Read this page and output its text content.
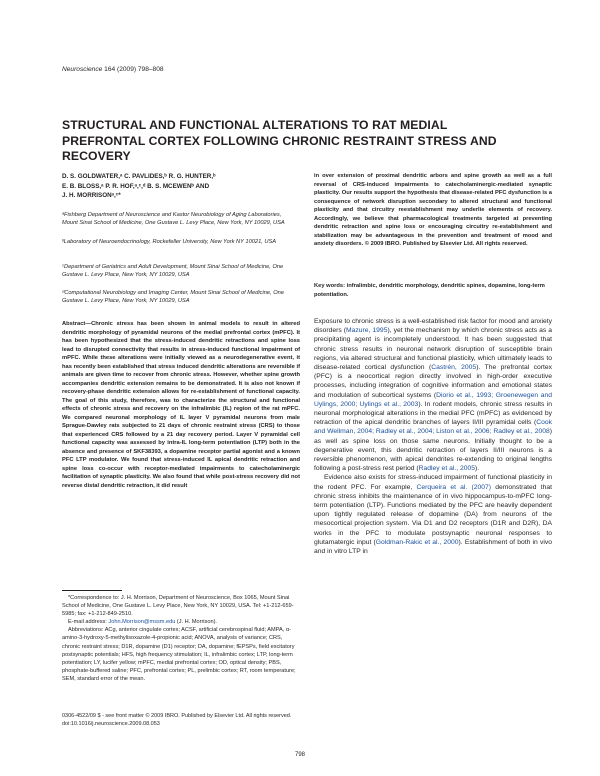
Neuroscience 164 (2009) 798–808
STRUCTURAL AND FUNCTIONAL ALTERATIONS TO RAT MEDIAL PREFRONTAL CORTEX FOLLOWING CHRONIC RESTRAINT STRESS AND RECOVERY
D. S. GOLDWATER,ᵃ C. PAVLIDES,ᵇ R. G. HUNTER,ᵇ
E. B. BLOSS,ᵃ P. R. HOF,ᵃ,ᶜ,ᵈ B. S. MCEWENᵇ AND
J. H. MORRISONᵃ,ᶜ*
ᵃFishberg Department of Neuroscience and Kastor Neurobiology of Aging Laboratories, Mount Sinai School of Medicine, One Gustave L. Levy Place, New York, NY 10029, USA
ᵇLaboratory of Neuroendocrinology, Rockefeller University, New York NY 10021, USA
ᶜDepartment of Geriatrics and Adult Development, Mount Sinai School of Medicine, One Gustave L. Levy Place, New York, NY 10029, USA
ᵈComputational Neurobiology and Imaging Center, Mount Sinai School of Medicine, One Gustave L. Levy Place, New York, NY 10029, USA
Abstract—Chronic stress has been shown in animal models to result in altered dendritic morphology of pyramidal neurons of the medial prefrontal cortex (mPFC). It has been hypothesized that the stress-induced dendritic retractions and spine loss lead to disrupted connectivity that results in stress-induced functional impairment of mPFC. While these alterations were initially viewed as a neurodegenerative event, it has recently been established that stress induced dendritic alterations are reversible if animals are given time to recover from chronic stress. However, whether spine growth accompanies dendritic extension remains to be demonstrated. It is also not known if recovery-phase dendritic extension allows for re-establishment of functional capacity. The goal of this study, therefore, was to characterize the structural and functional effects of chronic stress and recovery on the infralimbic (IL) region of the rat mPFC. We compared neuronal morphology of IL layer V pyramidal neurons from male Sprague-Dawley rats subjected to 21 days of chronic restraint stress (CRS) to those that experienced CRS followed by a 21 day recovery period. Layer V pyramidal cell functional capacity was assessed by intra-IL long-term potentiation (LTP) both in the absence and presence of SKF38393, a dopamine receptor partial agonist and a known PFC LTP modulator. We found that stress-induced IL apical dendritic retraction and spine loss co-occur with receptor-mediated impairments to catecholaminergic facilitation of synaptic plasticity. We also found that while post-stress recovery did not reverse distal dendritic retraction, it did result
in over extension of proximal dendritic arbors and spine growth as well as a full reversal of CRS-induced impairments to catecholaminergic-mediated synaptic plasticity. Our results support the hypothesis that disease-related PFC dysfunction is a consequence of network disruption secondary to altered structural and functional plasticity and that circuitry reestablishment may underlie elements of recovery. Accordingly, we believe that pharmacological treatments targeted at preventing dendritic retraction and spine loss or encouraging circuitry re-establishment and stabilization may be advantageous in the prevention and treatment of mood and anxiety disorders. © 2009 IBRO. Published by Elsevier Ltd. All rights reserved.
Key words: infralimbic, dendritic morphology, dendritic spines, dopamine, long-term potentiation.

Exposure to chronic stress is a well-established risk factor for mood and anxiety disorders (Mazure, 1995), yet the mechanism by which chronic stress acts as a precipitating agent is incompletely understood. It has been suggested that chronic stress results in neuronal network disruption of susceptible brain regions, via altered structural and functional plasticity, which ultimately leads to disease-related cortical dysfunction (Castrén, 2005). The prefrontal cortex (PFC) is a neocortical region directly involved in high-order executive processes, including integration of cognitive information and emotional states and modulation of subcortical systems (Diorio et al., 1993; Groenewegen and Uylings, 2000; Uylings et al., 2003). In rodent models, chronic stress results in neuronal morphological alterations in the medial PFC (mPFC) as evidenced by retraction of the apical dendritic branches of layers II/III pyramidal cells (Cook and Wellman, 2004; Radley et al., 2004; Liston et al., 2006; Radley et al., 2008) as well as spine loss on those same neurons. Initially thought to be a degenerative event, this dendritic retraction of layers II/III neurons is a reversible phenomenon, with apical dendrites re-extending to original lengths following a post-stress rest period (Radley et al., 2005).

Evidence also exists for stress-induced impairment of functional plasticity in the rodent PFC. For example, Cerqueira et al. (2007) demonstrated that chronic stress inhibits the maintenance of in vivo hippocampus-to-mPFC long-term potentiation (LTP). Functions mediated by the PFC are heavily dependent upon tightly regulated release of dopamine (DA) from neurons of the mesocortical projection system. Via D1 and D2 receptors (D1R and D2R), DA works in the PFC to modulate postsynaptic neuronal responses to glutamatergic input (Goldman-Rakic et al., 2000). Establishment of both in vivo and in vitro LTP in

*Correspondence to: J. H. Morrison, Department of Neuroscience, Box 1065, Mount Sinai School of Medicine, One Gustave L. Levy Place, New York, NY 10029, USA. Tel: +1-212-659-5985; fax: +1-212-849-2510.

E-mail address: John.Morrison@mssm.edu (J. H. Morrison).

Abbreviations: ACg, anterior cingulate cortex; ACSF, artificial cerebrospinal fluid; AMPA, α-amino-3-hydroxy-5-methylisoxazole-4-propionic acid; ANOVA, analysis of variance; CRS, chronic restraint stress; D1R, dopamine (D1) receptor; DA, dopamine; fEPSPs, field excitatory postsynaptic potentials; HFS, high frequency stimulation; IL, infralimbic cortex; LTP, long-term potentiation; LY, lucifer yellow; mPFC, medial prefrontal cortex; OD, optical density; PBS, phosphate-buffered saline; PFC, prefrontal cortex; PL, prelimbic cortex; RT, room temperature; SEM, standard error of the mean.

0306-4522/09 $ - see front matter © 2009 IBRO. Published by Elsevier Ltd. All rights reserved.
doi:10.1016/j.neuroscience.2009.08.053
798
